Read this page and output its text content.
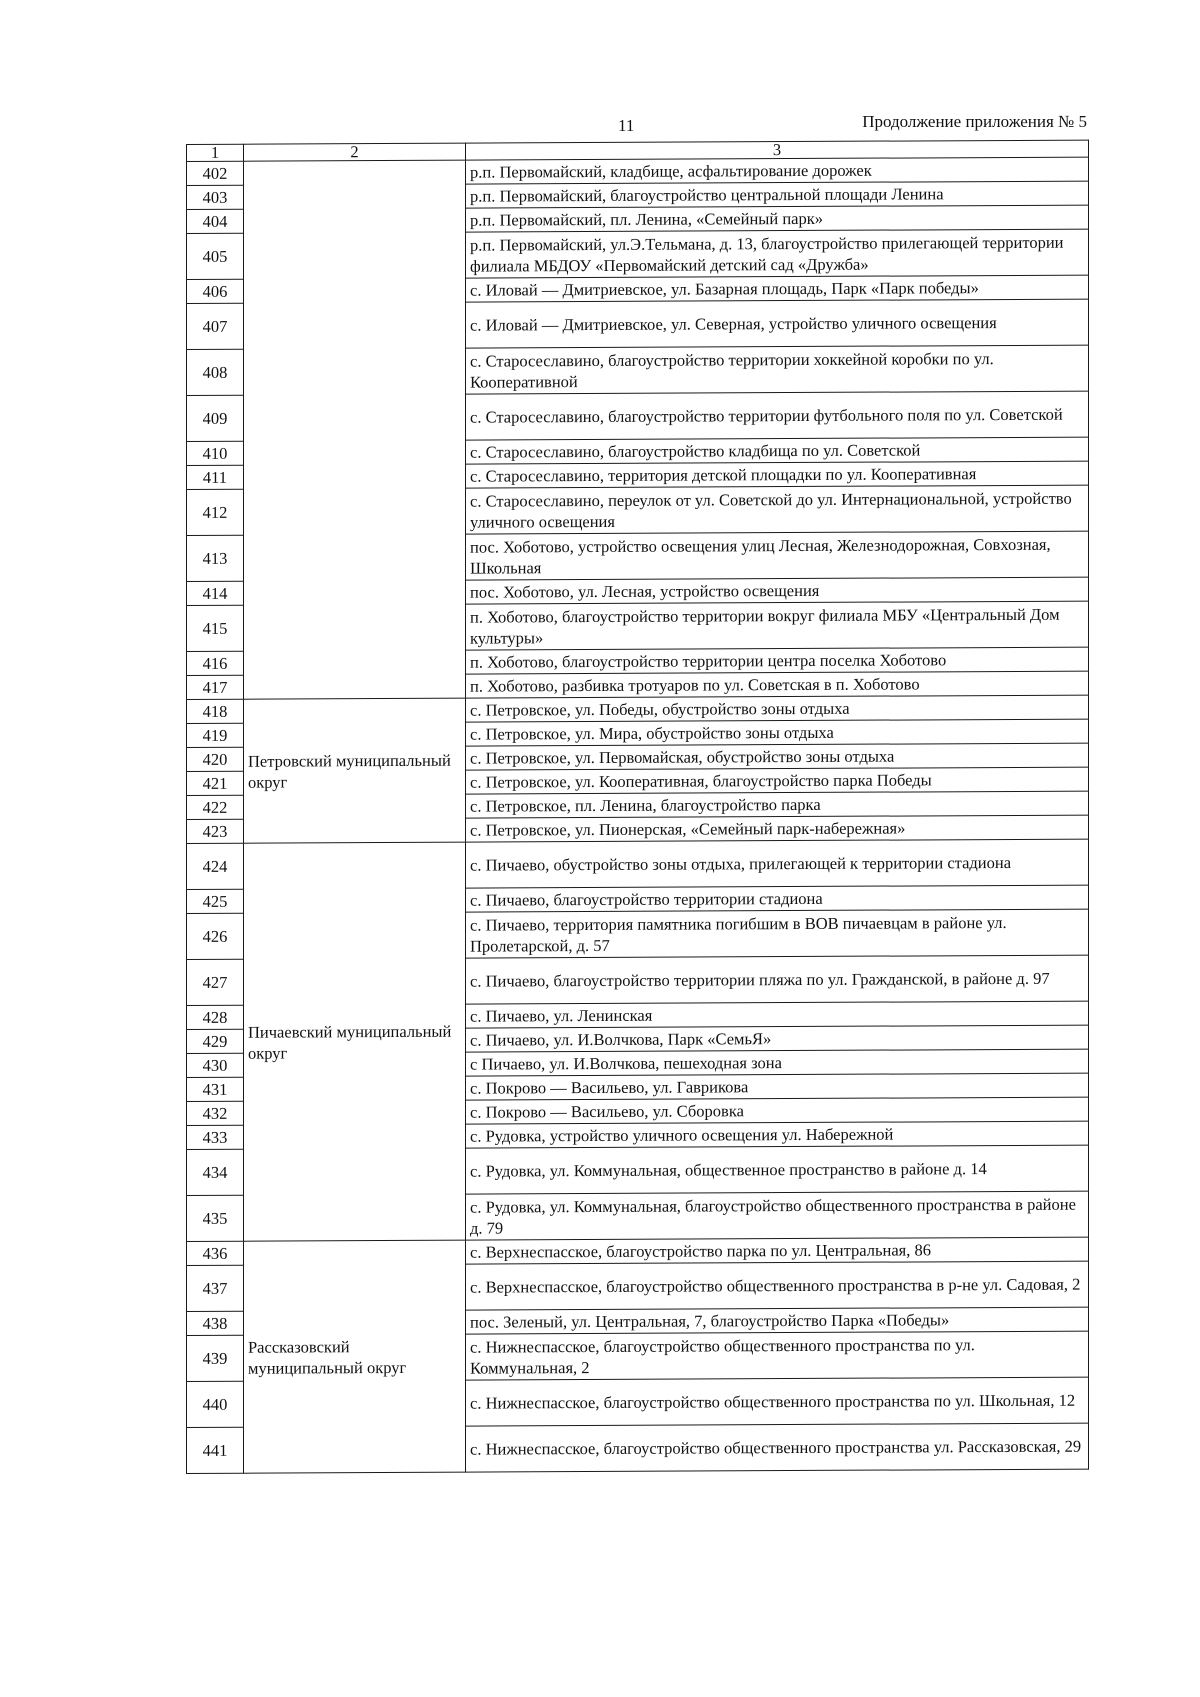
11	Продолжение приложения № 5
1	2	3
402		р.п. Первомайский, кладбище, асфальтирование дорожек
403		р.п. Первомайский, благоустройство центральной площади Ленина
404		р.п. Первомайский, пл. Ленина, «Семейный парк»
405		р.п. Первомайский, ул.Э.Тельмана, д. 13, благоустройство прилегающей территории филиала МБДОУ «Первомайский детский сад «Дружба»
406		с. Иловай — Дмитриевское, ул. Базарная площадь, Парк «Парк победы»
407		с. Иловай — Дмитриевское, ул. Северная, устройство уличного освещения
408		с. Старосеславино, благоустройство территории хоккейной коробки по ул. Кооперативной
409		с. Старосеславино, благоустройство территории футбольного поля по ул. Советской
410		с. Старосеславино, благоустройство кладбища по ул. Советской
411		с. Старосеславино, территория детской площадки по ул. Кооперативная
412		с. Старосеславино, переулок от ул. Советской до ул. Интернациональной, устройство уличного освещения
413		пос. Хоботово, устройство освещения улиц Лесная, Железнодорожная, Совхозная, Школьная
414		пос. Хоботово, ул. Лесная, устройство освещения
415		п. Хоботово, благоустройство территории вокруг филиала МБУ «Центральный Дом культуры»
416		п. Хоботово, благоустройство территории центра поселка Хоботово
417		п. Хоботово, разбивка тротуаров по ул. Советская в п. Хоботово
418	Петровский муниципальный округ	с. Петровское, ул. Победы, обустройство зоны отдыха
419		с. Петровское, ул. Мира, обустройство зоны отдыха
420		с. Петровское, ул. Первомайская, обустройство зоны отдыха
421		с. Петровское, ул. Кооперативная, благоустройство парка Победы
422		с. Петровское, пл. Ленина, благоустройство парка
423		с. Петровское, ул. Пионерская, «Семейный парк-набережная»
424	Пичаевский муниципальный округ	с. Пичаево, обустройство зоны отдыха, прилегающей к территории стадиона
425		с. Пичаево, благоустройство территории стадиона
426		с. Пичаево, территория памятника погибшим в ВОВ пичаевцам в районе ул. Пролетарской, д. 57
427		с. Пичаево, благоустройство территории пляжа по ул. Гражданской, в районе д. 97
428		с. Пичаево, ул. Ленинская
429		с. Пичаево, ул. И.Волчкова, Парк «СемьЯ»
430		с Пичаево, ул. И.Волчкова, пешеходная зона
431		с. Покрово — Васильево, ул. Гаврикова
432		с. Покрово — Васильево, ул. Сборовка
433		с. Рудовка, устройство уличного освещения ул. Набережной
434		с. Рудовка, ул. Коммунальная, общественное пространство в районе д. 14
435		с. Рудовка, ул. Коммунальная, благоустройство общественного пространства в районе д. 79
436	Рассказовский муниципальный округ	с. Верхнеспасское, благоустройство парка по ул. Центральная, 86
437		с. Верхнеспасское, благоустройство общественного пространства в р-не ул. Садовая, 2
438		пос. Зеленый, ул. Центральная, 7, благоустройство Парка «Победы»
439		с. Нижнеспасское, благоустройство общественного пространства по ул. Коммунальная, 2
440		с. Нижнеспасское, благоустройство общественного пространства по ул. Школьная, 12
441		с. Нижнеспасское, благоустройство общественного пространства ул. Рассказовская, 29
